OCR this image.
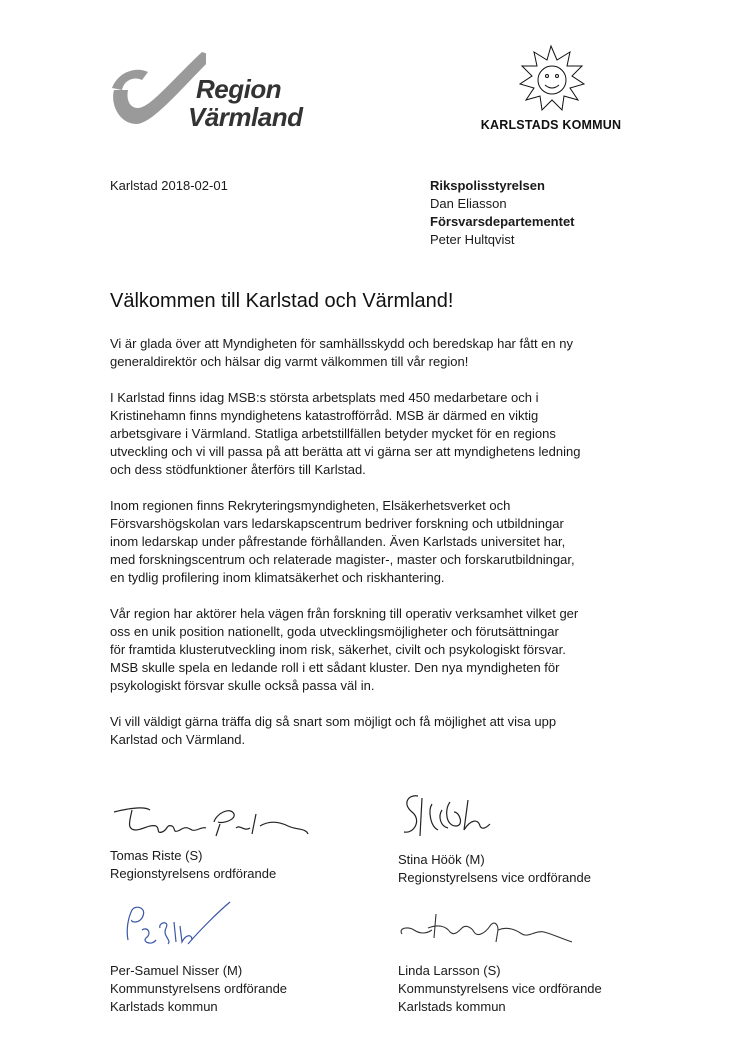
Region
Värmland	KARLSTADS KOMMUN
Karlstad 2018-02-01	Rikspolisstyrelsen
Dan Eliasson
Försvarsdepartementet
Peter Hultqvist
Välkommen till Karlstad och Värmland!

Vi är glada över att Myndigheten för samhällsskydd och beredskap har fått en ny
generaldirektör och hälsar dig varmt välkommen till vår region!

I Karlstad finns idag MSB:s största arbetsplats med 450 medarbetare och i
Kristinehamn finns myndighetens katastrofförråd. MSB är därmed en viktig
arbetsgivare i Värmland. Statliga arbetstillfällen betyder mycket för en regions
utveckling och vi vill passa på att berätta att vi gärna ser att myndighetens ledning
och dess stödfunktioner återförs till Karlstad.

Inom regionen finns Rekryteringsmyndigheten, Elsäkerhetsverket och
Försvarshögskolan vars ledarskapscentrum bedriver forskning och utbildningar
inom ledarskap under påfrestande förhållanden. Även Karlstads universitet har,
med forskningscentrum och relaterade magister-, master och forskarutbildningar,
en tydlig profilering inom klimatsäkerhet och riskhantering.

Vår region har aktörer hela vägen från forskning till operativ verksamhet vilket ger
oss en unik position nationellt, goda utvecklingsmöjligheter och förutsättningar
för framtida klusterutveckling inom risk, säkerhet, civilt och psykologiskt försvar.
MSB skulle spela en ledande roll i ett sådant kluster. Den nya myndigheten för
psykologiskt försvar skulle också passa väl in.

Vi vill väldigt gärna träffa dig så snart som möjligt och få möjlighet att visa upp
Karlstad och Värmland.

Tomas Riste (S)
Regionstyrelsens ordförande
Stina Höök (M)
Regionstyrelsens vice ordförande
Per-Samuel Nisser (M)
Kommunstyrelsens ordförande
Karlstads kommun
Linda Larsson (S)
Kommunstyrelsens vice ordförande
Karlstads kommun
